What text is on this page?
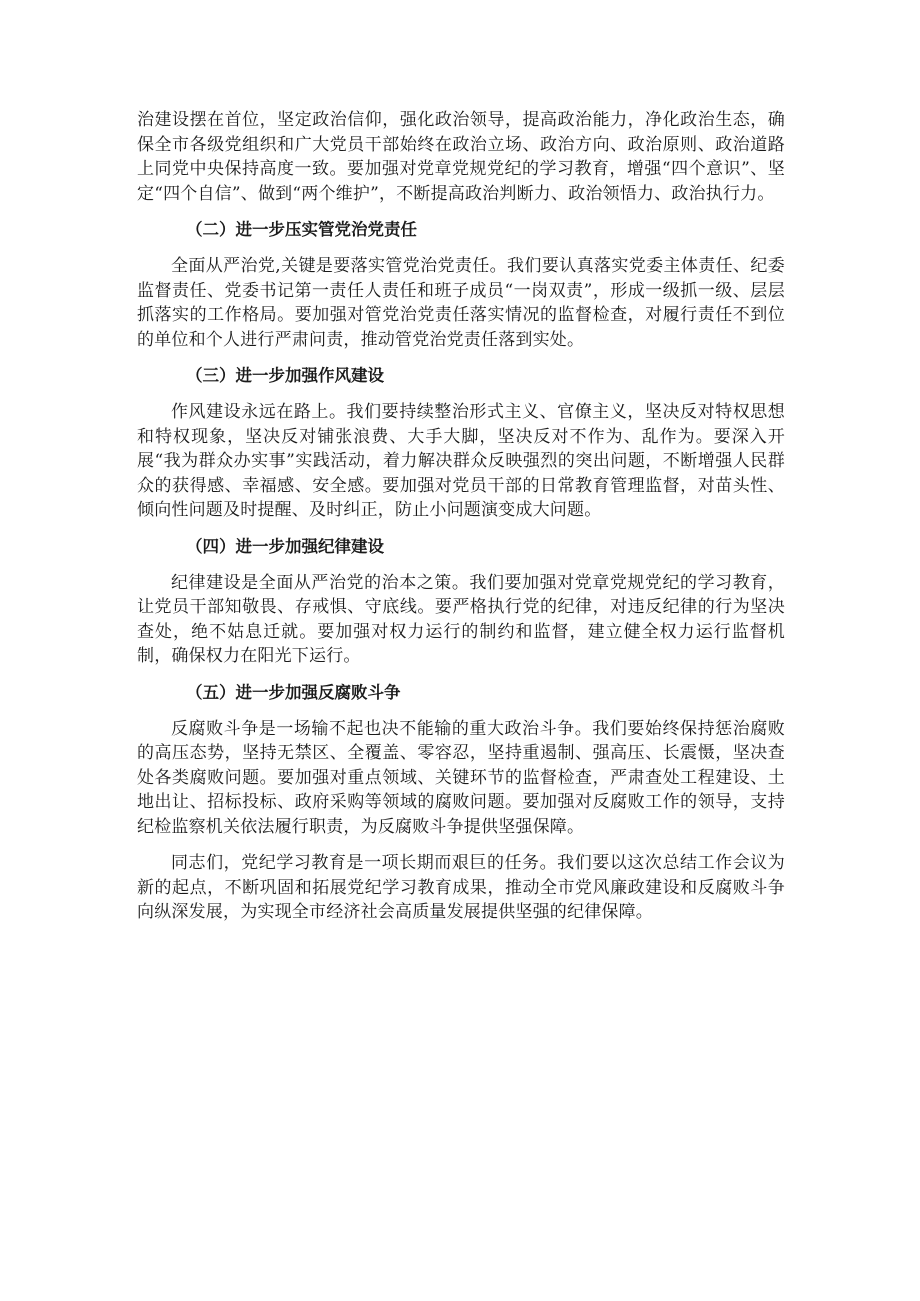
治建设摆在首位，坚定政治信仰，强化政治领导，提高政治能力，净化政治生态，确保全市各级党组织和广大党员干部始终在政治立场、政治方向、政治原则、政治道路上同党中央保持高度一致。要加强对党章党规党纪的学习教育，增强“四个意识”、坚定“四个自信”、做到“两个维护”，不断提高政治判断力、政治领悟力、政治执行力。

（二）进一步压实管党治党责任

全面从严治党,关键是要落实管党治党责任。我们要认真落实党委主体责任、纪委监督责任、党委书记第一责任人责任和班子成员“一岗双责”，形成一级抓一级、层层抓落实的工作格局。要加强对管党治党责任落实情况的监督检查，对履行责任不到位的单位和个人进行严肃问责，推动管党治党责任落到实处。

（三）进一步加强作风建设

作风建设永远在路上。我们要持续整治形式主义、官僚主义，坚决反对特权思想和特权现象，坚决反对铺张浪费、大手大脚，坚决反对不作为、乱作为。要深入开展“我为群众办实事”实践活动，着力解决群众反映强烈的突出问题，不断增强人民群众的获得感、幸福感、安全感。要加强对党员干部的日常教育管理监督，对苗头性、倾向性问题及时提醒、及时纠正，防止小问题演变成大问题。

（四）进一步加强纪律建设

纪律建设是全面从严治党的治本之策。我们要加强对党章党规党纪的学习教育，让党员干部知敬畏、存戒惧、守底线。要严格执行党的纪律，对违反纪律的行为坚决查处，绝不姑息迁就。要加强对权力运行的制约和监督，建立健全权力运行监督机制，确保权力在阳光下运行。

（五）进一步加强反腐败斗争

反腐败斗争是一场输不起也决不能输的重大政治斗争。我们要始终保持惩治腐败的高压态势，坚持无禁区、全覆盖、零容忍，坚持重遏制、强高压、长震慑，坚决查处各类腐败问题。要加强对重点领域、关键环节的监督检查，严肃查处工程建设、土地出让、招标投标、政府采购等领域的腐败问题。要加强对反腐败工作的领导，支持纪检监察机关依法履行职责，为反腐败斗争提供坚强保障。

同志们，党纪学习教育是一项长期而艰巨的任务。我们要以这次总结工作会议为新的起点，不断巩固和拓展党纪学习教育成果，推动全市党风廉政建设和反腐败斗争向纵深发展，为实现全市经济社会高质量发展提供坚强的纪律保障。
